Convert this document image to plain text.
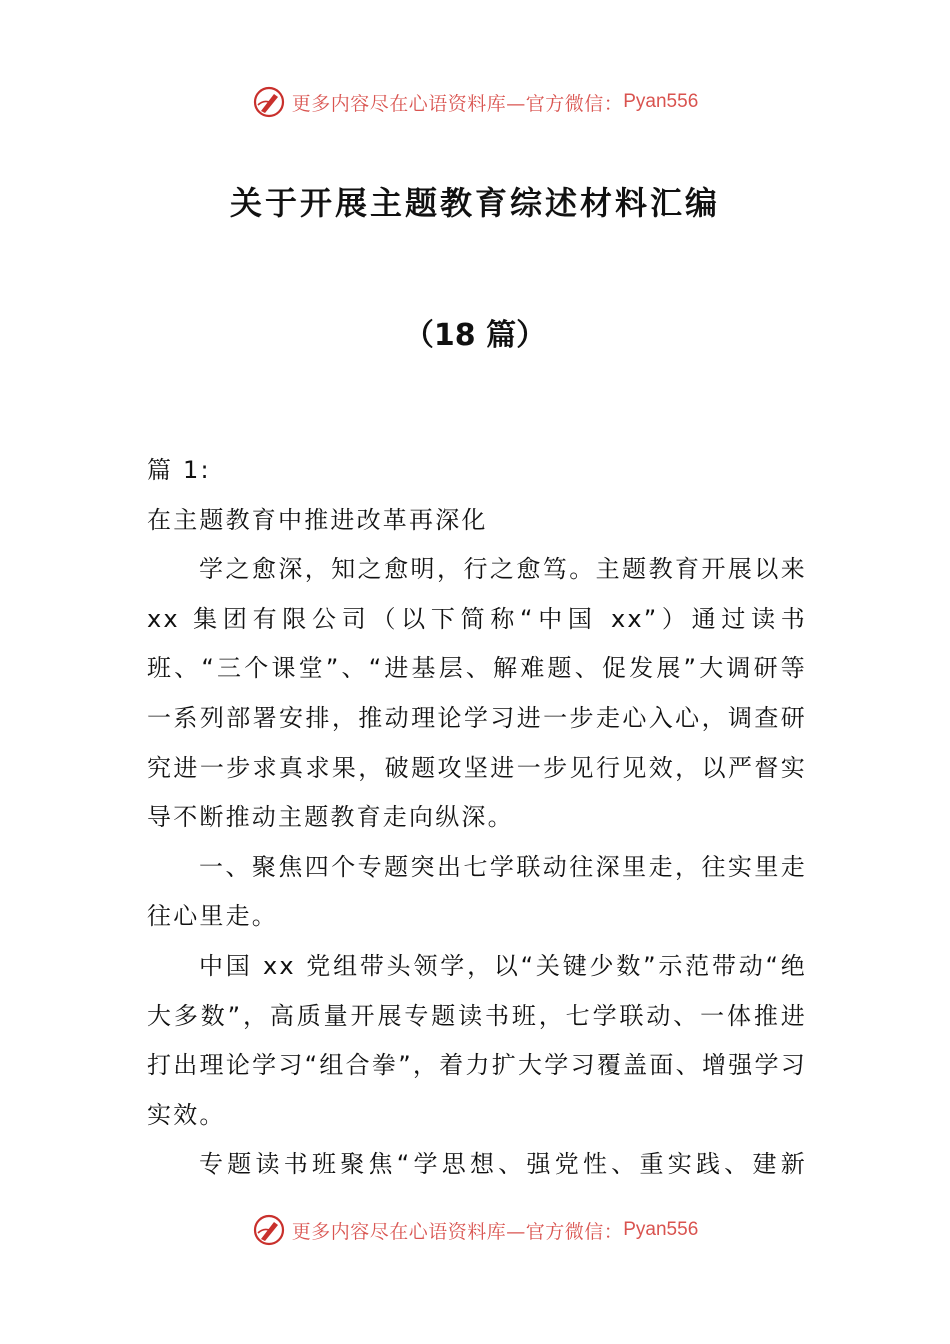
更多内容尽在心语资料库—官方微信： Pyan556
关于开展主题教育综述材料汇编
（18 篇）

篇 1:

在主题教育中推进改革再深化

学之愈深，知之愈明，行之愈笃。主题教育开展以来 xx 集团有限公司（以下简称“中国 xx”）通过读书班、“三个课堂”、“进基层、解难题、促发展”大调研等一系列部署安排，推动理论学习进一步走心入心，调查研究进一步求真求果，破题攻坚进一步见行见效，以严督实导不断推动主题教育走向纵深。

一、聚焦四个专题突出七学联动往深里走，往实里走往心里走。

中国 xx 党组带头领学，以“关键少数”示范带动“绝大多数”，高质量开展专题读书班，七学联动、一体推进打出理论学习“组合拳”，着力扩大学习覆盖面、增强学习实效。

专题读书班聚焦“学思想、强党性、重实践、建新

更多内容尽在心语资料库—官方微信： Pyan556
